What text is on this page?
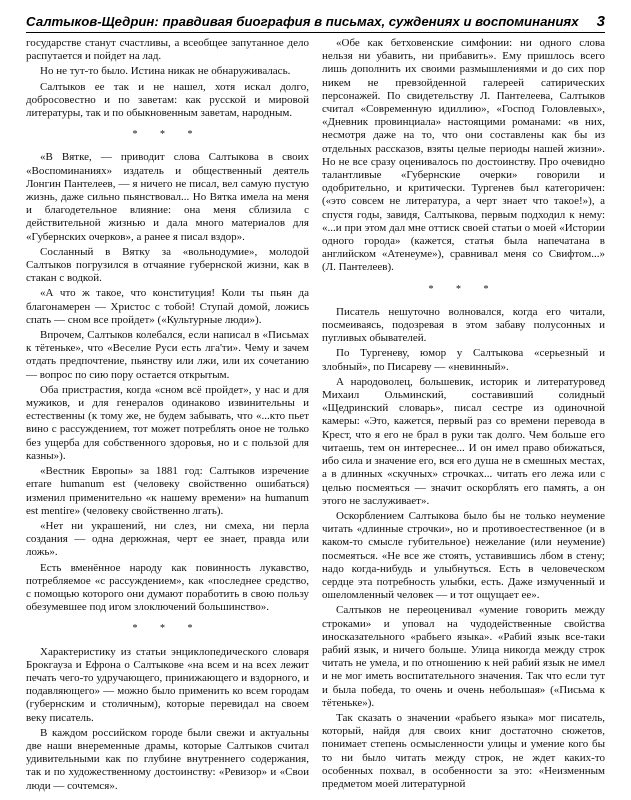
Салтыков-Щедрин: правдивая биография в письмах, суждениях и воспоминаниях 3

государстве станут счастливы, а всеобщее запутанное дело распутается и пойдет на лад.

Но не тут-то было. Истина никак не обнаруживалась.

Салтыков ее так и не нашел, хотя искал долго, добросовестно и по заветам: как русской и мировой литературы, так и по обыкновенным заветам, народным.

* * *

«В Вятке, — приводит слова Салтыкова в своих «Воспоминаниях» издатель и общественный деятель Лонгин Пантелеев, — я ничего не писал, вел самую пустую жизнь, даже сильно пьянствовал... Но Вятка имела на меня и благодетельное влияние: она меня сблизила с действительной жизнью и дала много материалов для «Губернских очерков», а ранее я писал вздор».

Сосланный в Вятку за «вольнодумие», молодой Салтыков погрузился в отчаяние губернской жизни, как в стакан с водкой.

«А что ж такое, что конституция! Коли ты пьян да благонамерен — Христос с тобой! Ступай домой, ложись спать — сном все пройдет» («Культурные люди»).

Впрочем, Салтыков колебался, если написал в «Письмах к тётеньке», что «Веселие Руси есть лга'ти». Чему и зачем отдать предпочтение, пьянству или лжи, или их сочетанию — вопрос по сию пору остается открытым.

Оба пристрастия, когда «сном всё пройдет», у нас и для мужиков, и для генералов одинаково извинительны и естественны (к тому же, не будем забывать, что «...кто пьет вино с рассуждением, тот может потреблять оное не только без ущерба для собственного здоровья, но и с пользой для казны»).

«Вестник Европы» за 1881 год: Салтыков изречение errare humanum est (человеку свойственно ошибаться) изменил применительно «к нашему времени» на humanum est mentire» (человеку свойственно лгать).

«Нет ни украшений, ни слез, ни смеха, ни перла создания — одна дерюжная, черт ее знает, правда или ложь».

Есть вменённое народу как повинность лукавство, потребляемое «с рассуждением», как «последнее средство, с помощью которого они думают поработить в свою пользу обезумевшее под игом злоключений большинство».

* * *

Характеристику из статьи энциклопедического словаря Брокгауза и Ефрона о Салтыкове «на всем и на всех лежит печать чего-то удручающего, принижающего и вздорного, и подавляющего» — можно было применить ко всем городам (губернским и столичным), которые перевидал на своем веку писатель.

В каждом российском городе были свежи и актуальны две наши внеременные драмы, которые Салтыков считал удивительными как по глубине внутреннего содержания, так и по художественному достоинству: «Ревизор» и «Свои люди — сочтемся».

«Обе как бетховенские симфонии: ни одного слова нельзя ни убавить, ни прибавить». Ему пришлось всего лишь дополнить их своими размышлениями и до сих пор никем не превзойденной галереей сатирических персонажей. По свидетельству Л. Пантелеева, Салтыков считал «Современную идиллию», «Господ Головлевых», «Дневник провинциала» настоящими романами: «в них, несмотря даже на то, что они составлены как бы из отдельных рассказов, взяты целые периоды нашей жизни». Но не все сразу оценивалось по достоинству. Про очевидно талантливые «Губернские очерки» говорили и одобрительно, и критически. Тургенев был категоричен: («это совсем не литература, а черт знает что такое!»), а спустя годы, завидя, Салтыкова, первым подходил к нему: «...и при этом дал мне оттиск своей статьи о моей «Истории одного города» (кажется, статья была напечатана в английском «Атенеуме»), сравнивал меня со Свифтом...» (Л. Пантелеев).

* * *

Писатель нешуточно волновался, когда его читали, посмеиваясь, подозревая в этом забаву полусонных и пугливых обывателей.

По Тургеневу, юмор у Салтыкова «серьезный и злобный», по Писареву — «невинный».

А народоволец, большевик, историк и литературовед Михаил Ольминский, составивший солидный «Щедринский словарь», писал сестре из одиночной камеры: «Это, кажется, первый раз со времени перевода в Крест, что я его не брал в руки так долго. Чем больше его читаешь, тем он интереснее... И он имел право обижаться, ибо сила и значение его, вся его душа не в смешных местах, а в длинных «скучных» строчках... читать его лежа или с целью посмеяться — значит оскорблять его память, а он этого не заслуживает».

Оскорблением Салтыкова было бы не только неумение читать «длинные строчки», но и противоестественное (и в каком-то смысле губительное) нежелание (или неумение) посмеяться. «Не все же стоять, уставившись лбом в стену; надо когда-нибудь и улыбнуться. Есть в человеческом сердце эта потребность улыбки, есть. Даже измученный и ошеломленный человек — и тот ощущает ее».

Салтыков не переоценивал «умение говорить между строками» и уповал на чудодейственные свойства иносказательного «рабьего языка». «Рабий язык все-таки рабий язык, и ничего больше. Улица никогда между строк читать не умела, и по отношению к ней рабий язык не имел и не мог иметь воспитательного значения. Так что если тут и была победа, то очень и очень небольшая» («Письма к тётеньке»).

Так сказать о значении «рабьего языка» мог писатель, который, найдя для своих книг достаточно сюжетов, понимает степень осмысленности улицы и умение кого бы то ни было читать между строк, не ждет каких-то особенных похвал, в особенности за это: «Неизменным предметом моей литературной
